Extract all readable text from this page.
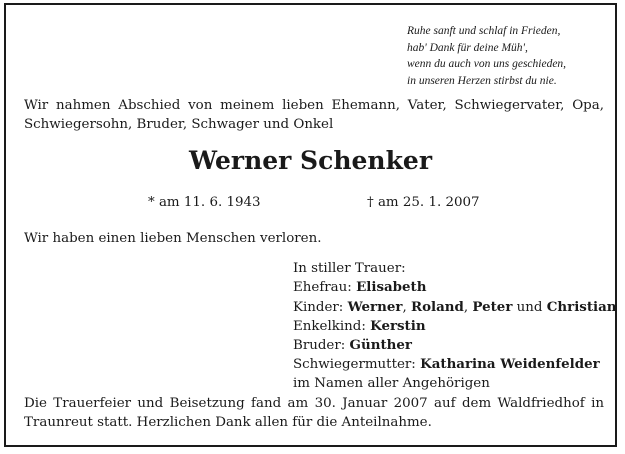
Ruhe sanft und schlaf in Frieden,
hab' Dank für deine Müh',
wenn du auch von uns geschieden,
in unseren Herzen stirbst du nie.
Wir nahmen Abschied von meinem lieben Ehemann, Vater, Schwiegervater, Opa,
Schwiegersohn, Bruder, Schwager und Onkel
Werner Schenker
* am 11. 6. 1943	† am 25. 1. 2007
Wir haben einen lieben Menschen verloren.
In stiller Trauer:
Ehefrau: Elisabeth
Kinder: Werner, Roland, Peter und Christian
Enkelkind: Kerstin
Bruder: Günther
Schwiegermutter: Katharina Weidenfelder
im Namen aller Angehörigen
Die Trauerfeier und Beisetzung fand am 30. Januar 2007 auf dem Waldfriedhof in
Traunreut statt. Herzlichen Dank allen für die Anteilnahme.
